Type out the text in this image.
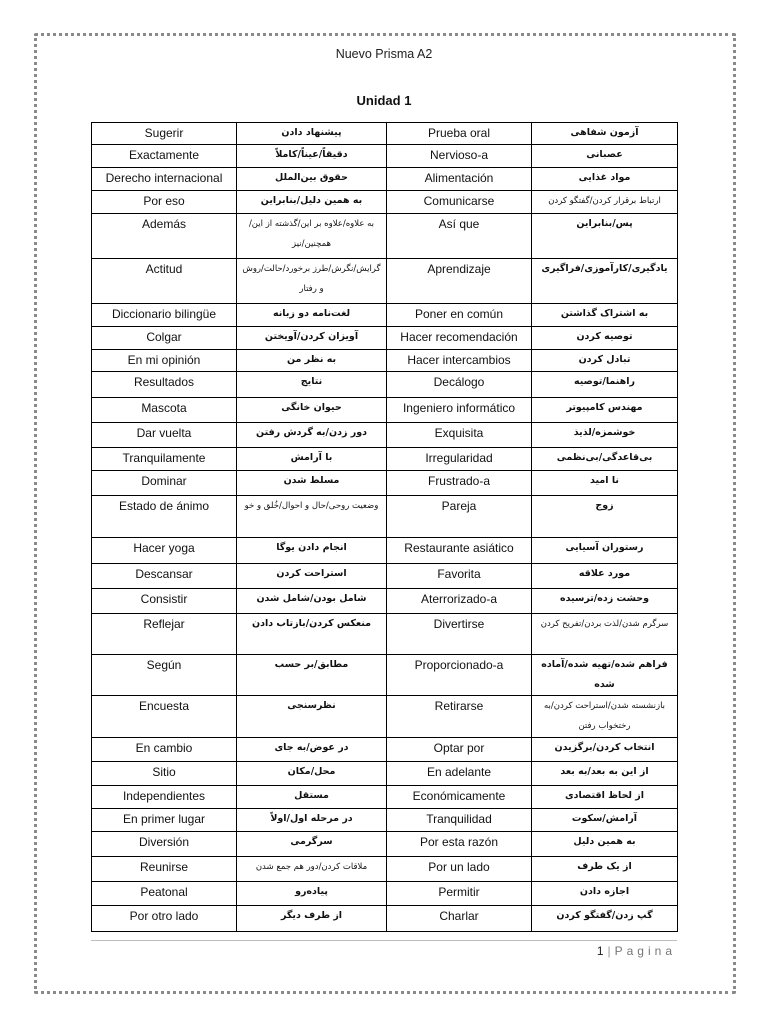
Nuevo Prisma A2
Unidad 1
Sugerir	پیشنهاد دادن	Prueba oral	آزمون شفاهی
Exactamente	دقیقاً/عیناً/کاملاً	Nervioso-a	عصبانی
Derecho internacional	حقوق بین‌الملل	Alimentación	مواد غذایی
Por eso	به همین دلیل/بنابراین	Comunicarse	ارتباط برقرار کردن/گفتگو کردن
Además	به علاوه/علاوه بر این/گذشته از این/همچنین/نیز	Así que	پس/بنابراین
Actitud	گرایش/نگرش/طرز برخورد/حالت/روش و رفتار	Aprendizaje	یادگیری/کارآموزی/فراگیری
Diccionario bilingüe	لغت‌نامه دو زبانه	Poner en común	به اشتراک گذاشتن
Colgar	آویزان کردن/آویختن	Hacer recomendación	توصیه کردن
En mi opinión	به نظر من	Hacer intercambios	تبادل کردن
Resultados	نتایج	Decálogo	راهنما/توصیه
Mascota	حیوان خانگی	Ingeniero informático	مهندس کامپیوتر
Dar vuelta	دور زدن/به گردش رفتن	Exquisita	خوشمزه/لذیذ
Tranquilamente	با آرامش	Irregularidad	بی‌قاعدگی/بی‌نظمی
Dominar	مسلط شدن	Frustrado-a	نا امید
Estado de ánimo	وضعیت روحی/حال و احوال/خُلق و خو	Pareja	زوج
Hacer yoga	انجام دادن یوگا	Restaurante asiático	رستوران آسیایی
Descansar	استراحت کردن	Favorita	مورد علاقه
Consistir	شامل بودن/شامل شدن	Aterrorizado-a	وحشت زده/ترسیده
Reflejar	منعکس کردن/بازتاب دادن	Divertirse	سرگرم شدن/لذت بردن/تفریح کردن
Según	مطابق/بر حسب	Proporcionado-a	فراهم شده/تهیه شده/آماده شده
Encuesta	نظرسنجی	Retirarse	بازنشسته شدن/استراحت کردن/به رختخواب رفتن
En cambio	در عوض/به جای	Optar por	انتخاب کردن/برگزیدن
Sitio	محل/مکان	En adelante	از این به بعد/به بعد
Independientes	مستقل	Económicamente	از لحاظ اقتصادی
En primer lugar	در مرحله اول/اولاً	Tranquilidad	آرامش/سکوت
Diversión	سرگرمی	Por esta razón	به همین دلیل
Reunirse	ملاقات کردن/دور هم جمع شدن	Por un lado	از یک طرف
Peatonal	پیاده‌رو	Permitir	اجازه دادن
Por otro lado	از طرف دیگر	Charlar	گپ زدن/گفتگو کردن
1 | Pagina
